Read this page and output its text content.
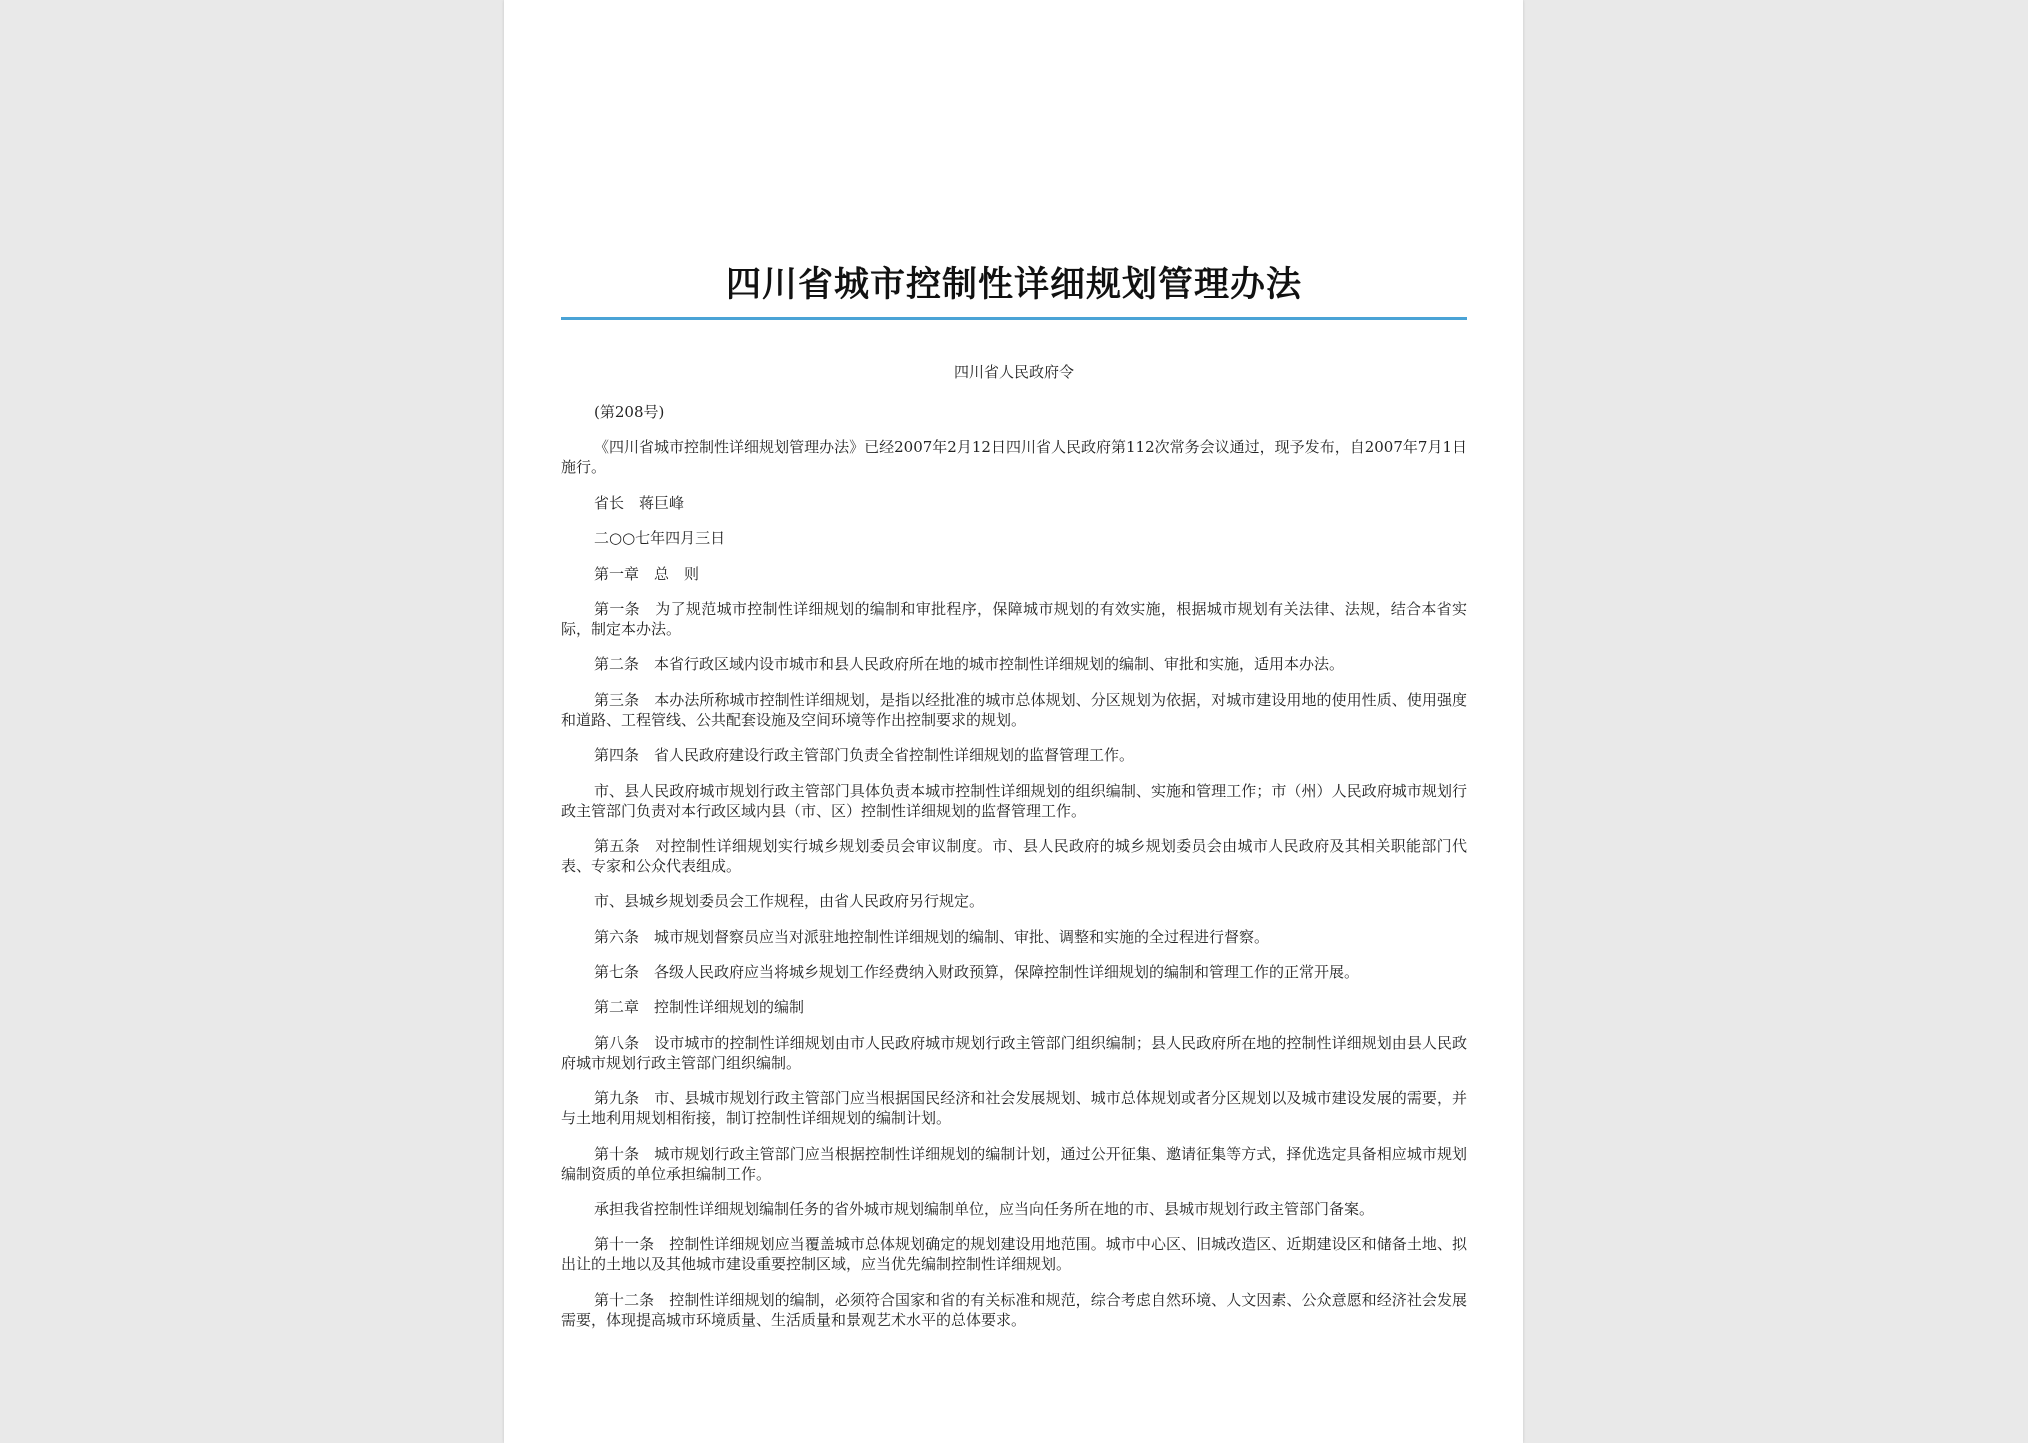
四川省城市控制性详细规划管理办法
四川省人民政府令

(第208号)

《四川省城市控制性详细规划管理办法》已经2007年2月12日四川省人民政府第112次常务会议通过，现予发布，自2007年7月1日施行。

省长　蒋巨峰

二○○七年四月三日

第一章　总　则

第一条　为了规范城市控制性详细规划的编制和审批程序，保障城市规划的有效实施，根据城市规划有关法律、法规，结合本省实际，制定本办法。

第二条　本省行政区域内设市城市和县人民政府所在地的城市控制性详细规划的编制、审批和实施，适用本办法。

第三条　本办法所称城市控制性详细规划，是指以经批准的城市总体规划、分区规划为依据，对城市建设用地的使用性质、使用强度和道路、工程管线、公共配套设施及空间环境等作出控制要求的规划。

第四条　省人民政府建设行政主管部门负责全省控制性详细规划的监督管理工作。

市、县人民政府城市规划行政主管部门具体负责本城市控制性详细规划的组织编制、实施和管理工作；市（州）人民政府城市规划行政主管部门负责对本行政区域内县（市、区）控制性详细规划的监督管理工作。

第五条　对控制性详细规划实行城乡规划委员会审议制度。市、县人民政府的城乡规划委员会由城市人民政府及其相关职能部门代表、专家和公众代表组成。

市、县城乡规划委员会工作规程，由省人民政府另行规定。

第六条　城市规划督察员应当对派驻地控制性详细规划的编制、审批、调整和实施的全过程进行督察。

第七条　各级人民政府应当将城乡规划工作经费纳入财政预算，保障控制性详细规划的编制和管理工作的正常开展。

第二章　控制性详细规划的编制

第八条　设市城市的控制性详细规划由市人民政府城市规划行政主管部门组织编制；县人民政府所在地的控制性详细规划由县人民政府城市规划行政主管部门组织编制。

第九条　市、县城市规划行政主管部门应当根据国民经济和社会发展规划、城市总体规划或者分区规划以及城市建设发展的需要，并与土地利用规划相衔接，制订控制性详细规划的编制计划。

第十条　城市规划行政主管部门应当根据控制性详细规划的编制计划，通过公开征集、邀请征集等方式，择优选定具备相应城市规划编制资质的单位承担编制工作。

承担我省控制性详细规划编制任务的省外城市规划编制单位，应当向任务所在地的市、县城市规划行政主管部门备案。

第十一条　控制性详细规划应当覆盖城市总体规划确定的规划建设用地范围。城市中心区、旧城改造区、近期建设区和储备土地、拟出让的土地以及其他城市建设重要控制区域，应当优先编制控制性详细规划。

第十二条　控制性详细规划的编制，必须符合国家和省的有关标准和规范，综合考虑自然环境、人文因素、公众意愿和经济社会发展需要，体现提高城市环境质量、生活质量和景观艺术水平的总体要求。
